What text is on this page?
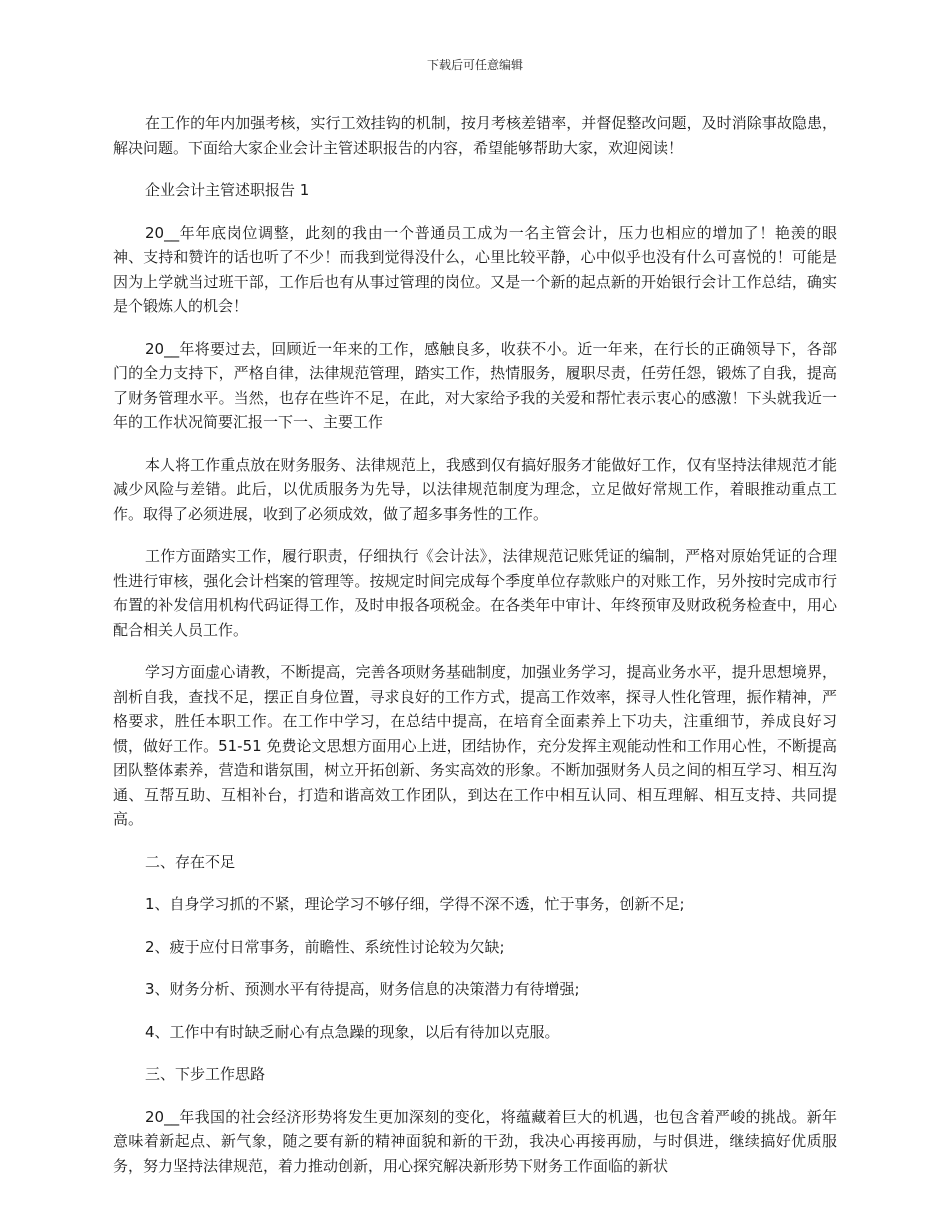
下载后可任意编辑

在工作的年内加强考核，实行工效挂钩的机制，按月考核差错率，并督促整改问题，及时消除事故隐患，解决问题。下面给大家企业会计主管述职报告的内容，希望能够帮助大家，欢迎阅读！

企业会计主管述职报告 1

20__年年底岗位调整，此刻的我由一个普通员工成为一名主管会计，压力也相应的增加了！艳羡的眼神、支持和赞许的话也听了不少！而我到觉得没什么，心里比较平静，心中似乎也没有什么可喜悦的！可能是因为上学就当过班干部，工作后也有从事过管理的岗位。又是一个新的起点新的开始银行会计工作总结，确实是个锻炼人的机会！

20__年将要过去，回顾近一年来的工作，感触良多，收获不小。近一年来，在行长的正确领导下，各部门的全力支持下，严格自律，法律规范管理，踏实工作，热情服务，履职尽责，任劳任怨，锻炼了自我，提高了财务管理水平。当然，也存在些许不足，在此，对大家给予我的关爱和帮忙表示衷心的感激！下头就我近一年的工作状况简要汇报一下一、主要工作

本人将工作重点放在财务服务、法律规范上，我感到仅有搞好服务才能做好工作，仅有坚持法律规范才能减少风险与差错。此后，以优质服务为先导，以法律规范制度为理念，立足做好常规工作，着眼推动重点工作。取得了必须进展，收到了必须成效，做了超多事务性的工作。

工作方面踏实工作，履行职责，仔细执行《会计法》，法律规范记账凭证的编制，严格对原始凭证的合理性进行审核，强化会计档案的管理等。按规定时间完成每个季度单位存款账户的对账工作，另外按时完成市行布置的补发信用机构代码证得工作，及时申报各项税金。在各类年中审计、年终预审及财政税务检查中，用心配合相关人员工作。

学习方面虚心请教，不断提高，完善各项财务基础制度，加强业务学习，提高业务水平，提升思想境界，剖析自我，查找不足，摆正自身位置，寻求良好的工作方式，提高工作效率，探寻人性化管理，振作精神，严格要求，胜任本职工作。在工作中学习，在总结中提高，在培育全面素养上下功夫，注重细节，养成良好习惯，做好工作。51-51 免费论文思想方面用心上进，团结协作，充分发挥主观能动性和工作用心性，不断提高团队整体素养，营造和谐氛围，树立开拓创新、务实高效的形象。不断加强财务人员之间的相互学习、相互沟通、互帮互助、互相补台，打造和谐高效工作团队，到达在工作中相互认同、相互理解、相互支持、共同提高。

二、存在不足

1、自身学习抓的不紧，理论学习不够仔细，学得不深不透，忙于事务，创新不足;

2、疲于应付日常事务，前瞻性、系统性讨论较为欠缺;

3、财务分析、预测水平有待提高，财务信息的决策潜力有待增强;

4、工作中有时缺乏耐心有点急躁的现象，以后有待加以克服。

三、下步工作思路

20__年我国的社会经济形势将发生更加深刻的变化，将蕴藏着巨大的机遇，也包含着严峻的挑战。新年意味着新起点、新气象，随之要有新的精神面貌和新的干劲，我决心再接再励，与时俱进，继续搞好优质服务，努力坚持法律规范，着力推动创新，用心探究解决新形势下财务工作面临的新状
